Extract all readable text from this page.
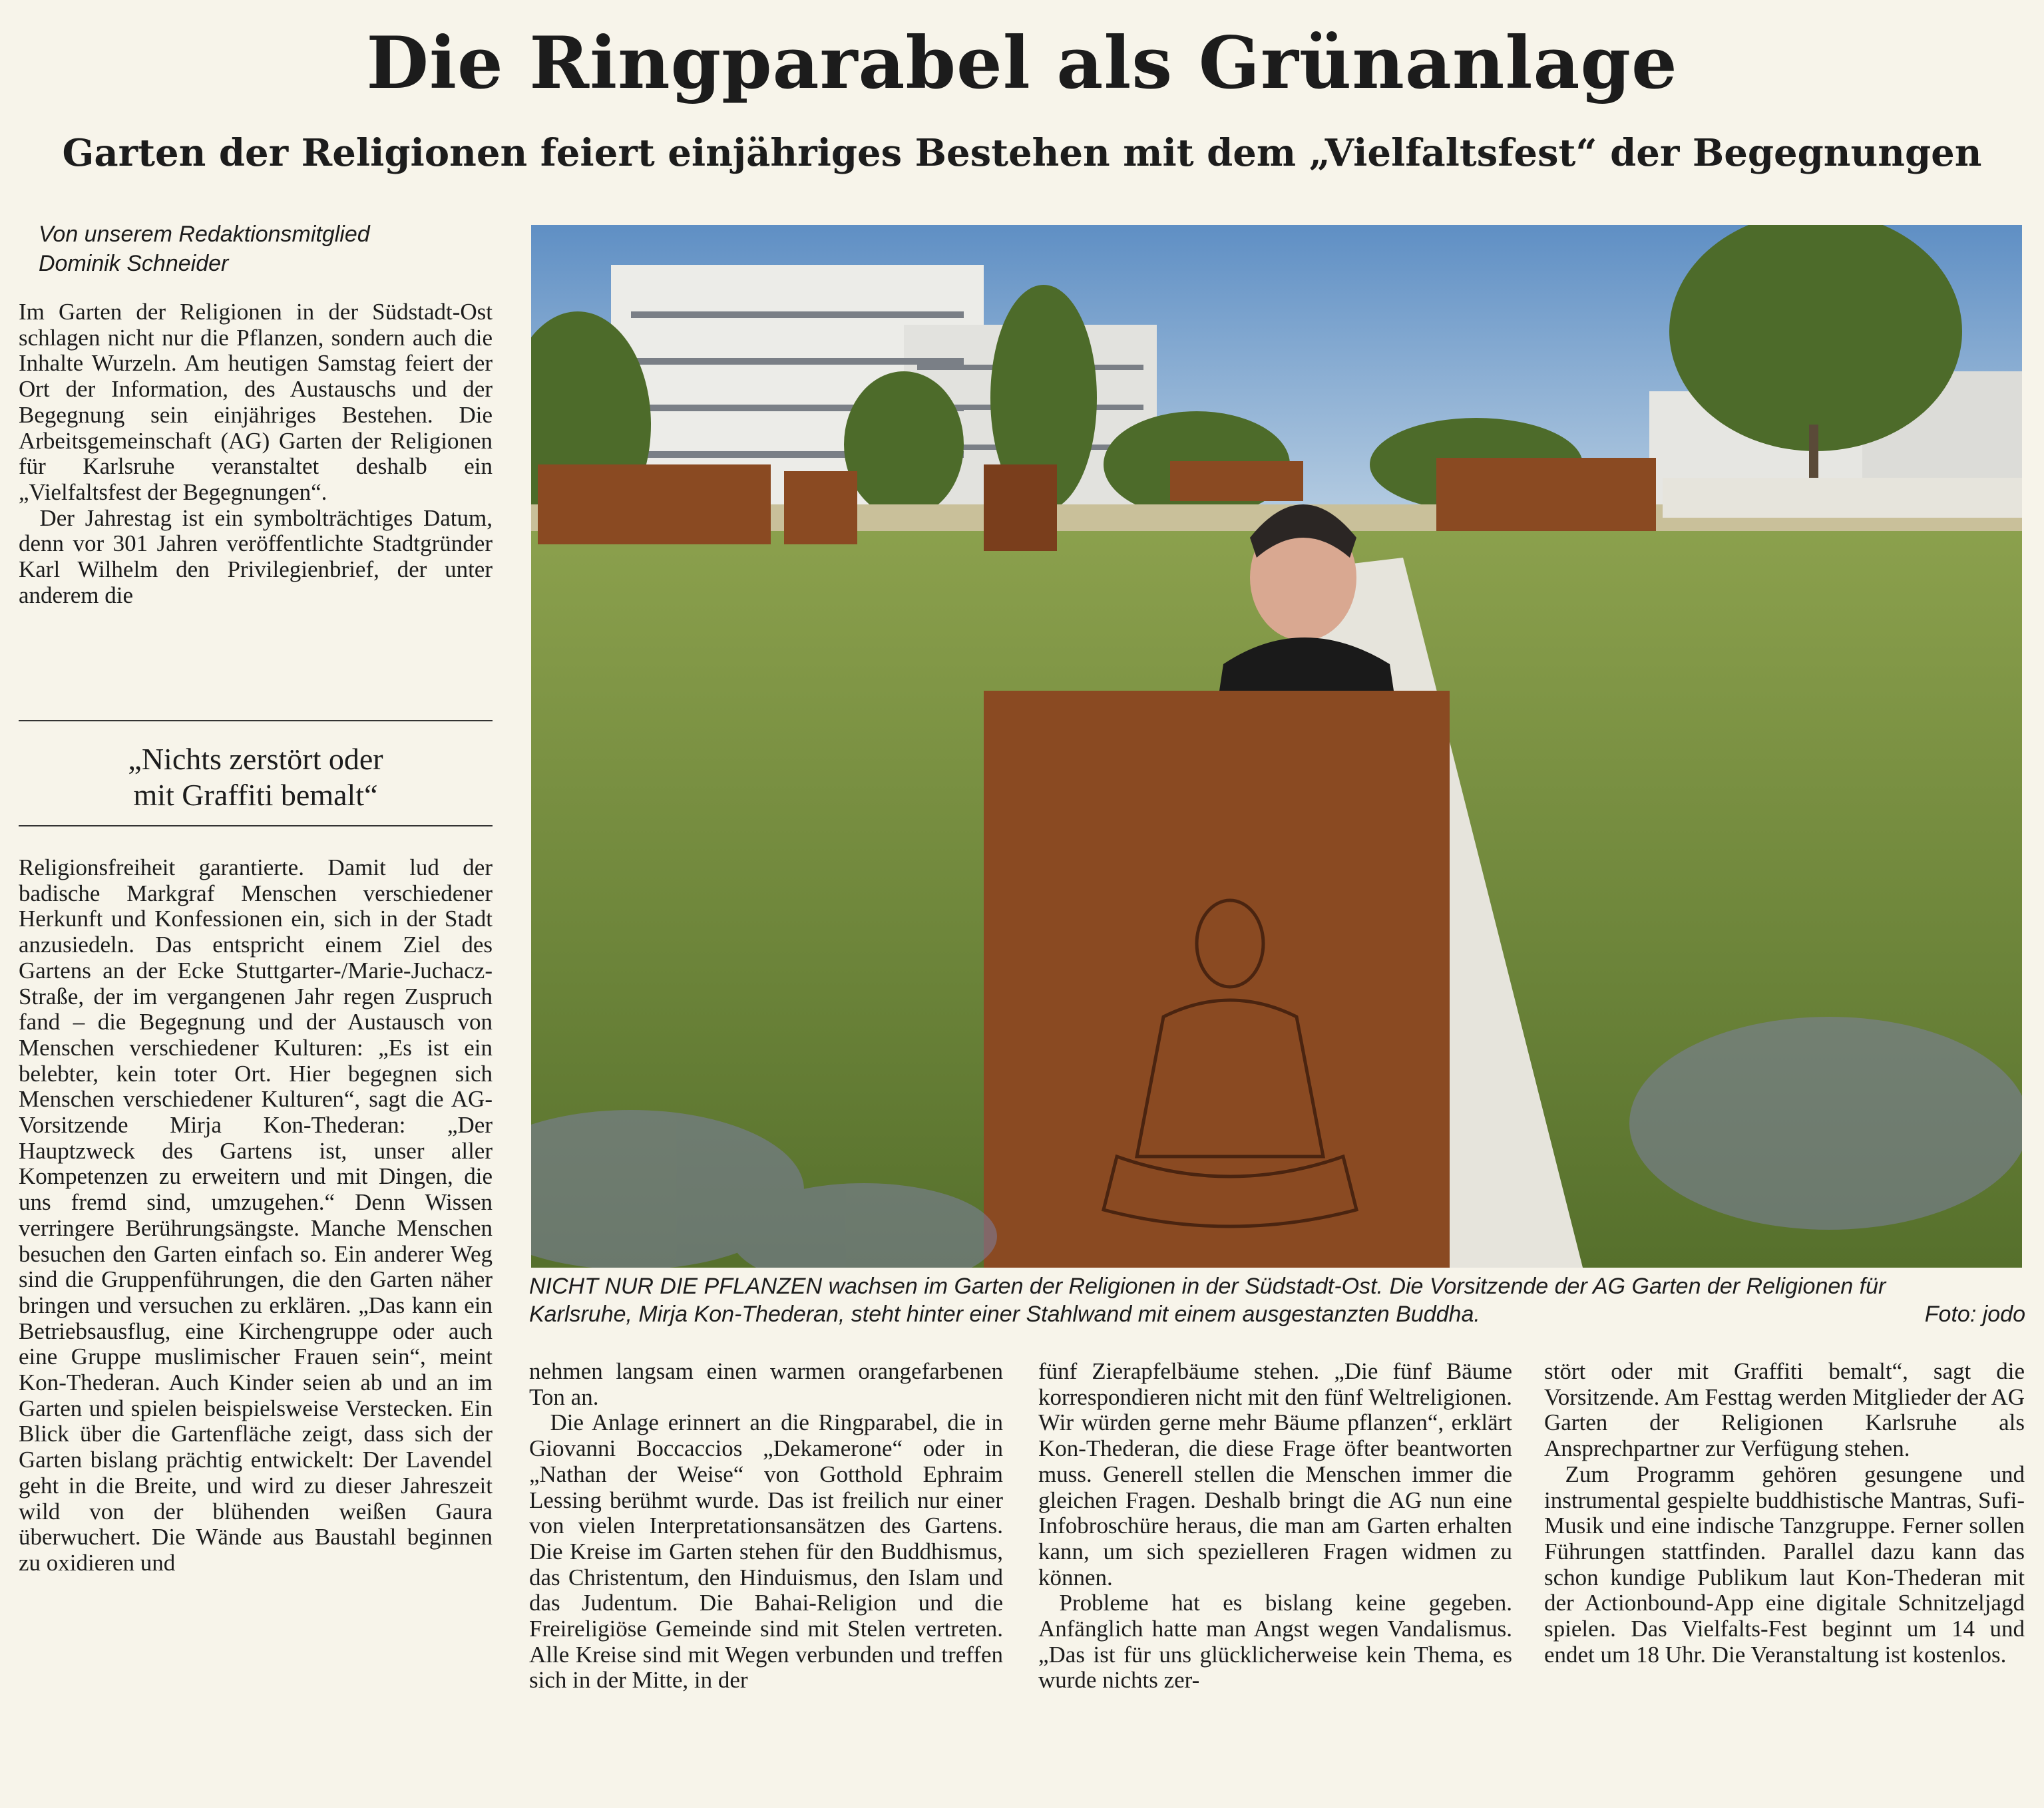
Die Ringparabel als Grünanlage
Garten der Religionen feiert einjähriges Bestehen mit dem „Vielfaltsfest“ der Begegnungen
Von unserem Redaktionsmitglied
Dominik Schneider

Im Garten der Religionen in der Südstadt-Ost schlagen nicht nur die Pflanzen, sondern auch die Inhalte Wurzeln. Am heutigen Samstag feiert der Ort der Information, des Austauschs und der Begegnung sein einjähriges Bestehen. Die Arbeitsgemeinschaft (AG) Garten der Religionen für Karlsruhe veranstaltet deshalb ein „Vielfaltsfest der Begegnungen“.

Der Jahrestag ist ein symbolträchtiges Datum, denn vor 301 Jahren veröffentlichte Stadtgründer Karl Wilhelm den Privilegienbrief, der unter anderem die

„Nichts zerstört oder
mit Graffiti bemalt“

Religionsfreiheit garantierte. Damit lud der badische Markgraf Menschen verschiedener Herkunft und Konfessionen ein, sich in der Stadt anzusiedeln. Das entspricht einem Ziel des Gartens an der Ecke Stuttgarter-/Marie-Juchacz-Straße, der im vergangenen Jahr regen Zuspruch fand – die Begegnung und der Austausch von Menschen verschiedener Kulturen: „Es ist ein belebter, kein toter Ort. Hier begegnen sich Menschen verschiedener Kulturen“, sagt die AG-Vorsitzende Mirja Kon-Thederan: „Der Hauptzweck des Gartens ist, unser aller Kompetenzen zu erweitern und mit Dingen, die uns fremd sind, umzugehen.“ Denn Wissen verringere Berührungsängste. Manche Menschen besuchen den Garten einfach so. Ein anderer Weg sind die Gruppenführungen, die den Garten näher bringen und versuchen zu erklären. „Das kann ein Betriebsausflug, eine Kirchengruppe oder auch eine Gruppe muslimischer Frauen sein“, meint Kon-Thederan. Auch Kinder seien ab und an im Garten und spielen beispielsweise Verstecken. Ein Blick über die Gartenfläche zeigt, dass sich der Garten bislang prächtig entwickelt: Der Lavendel geht in die Breite, und wird zu dieser Jahreszeit wild von der blühenden weißen Gaura überwuchert. Die Wände aus Baustahl beginnen zu oxidieren und

NICHT NUR DIE PFLANZEN wachsen im Garten der Religionen in der Südstadt-Ost. Die Vorsitzende der AG Garten der Religionen für
Karlsruhe, Mirja Kon-Thederan, steht hinter einer Stahlwand mit einem ausgestanzten Buddha.	Foto: jodo

nehmen langsam einen warmen orangefarbenen Ton an.

Die Anlage erinnert an die Ringparabel, die in Giovanni Boccaccios „Dekamerone“ oder in „Nathan der Weise“ von Gotthold Ephraim Lessing berühmt wurde. Das ist freilich nur einer von vielen Interpretationsansätzen des Gartens. Die Kreise im Garten stehen für den Buddhismus, das Christentum, den Hinduismus, den Islam und das Judentum. Die Bahai-Religion und die Freireligiöse Gemeinde sind mit Stelen vertreten. Alle Kreise sind mit Wegen verbunden und treffen sich in der Mitte, in der

fünf Zierapfelbäume stehen. „Die fünf Bäume korrespondieren nicht mit den fünf Weltreligionen. Wir würden gerne mehr Bäume pflanzen“, erklärt Kon-Thederan, die diese Frage öfter beantworten muss. Generell stellen die Menschen immer die gleichen Fragen. Deshalb bringt die AG nun eine Infobroschüre heraus, die man am Garten erhalten kann, um sich spezielleren Fragen widmen zu können.

Probleme hat es bislang keine gegeben. Anfänglich hatte man Angst wegen Vandalismus. „Das ist für uns glücklicherweise kein Thema, es wurde nichts zer-

stört oder mit Graffiti bemalt“, sagt die Vorsitzende. Am Festtag werden Mitglieder der AG Garten der Religionen Karlsruhe als Ansprechpartner zur Verfügung stehen.

Zum Programm gehören gesungene und instrumental gespielte buddhistische Mantras, Sufi-Musik und eine indische Tanzgruppe. Ferner sollen Führungen stattfinden. Parallel dazu kann das schon kundige Publikum laut Kon-Thederan mit der Actionbound-App eine digitale Schnitzeljagd spielen. Das Vielfalts-Fest beginnt um 14 und endet um 18 Uhr. Die Veranstaltung ist kostenlos.
